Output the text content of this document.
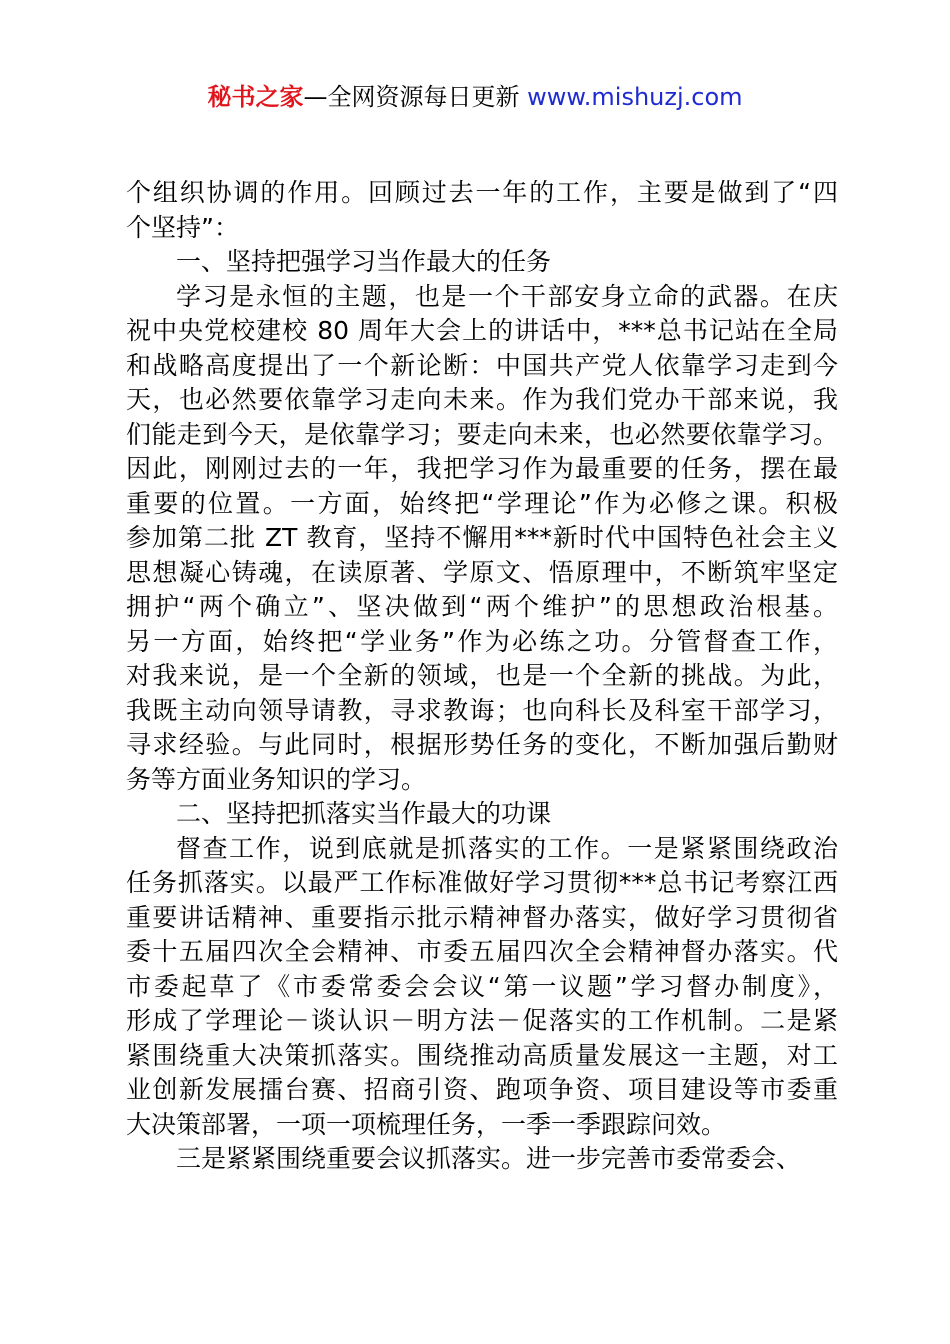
秘书之家—全网资源每日更新 www.mishuzj.com
个组织协调的作用。回顾过去一年的工作，主要是做到了“四
个坚持”：
一、坚持把强学习当作最大的任务
学习是永恒的主题，也是一个干部安身立命的武器。在庆
祝中央党校建校 80 周年大会上的讲话中，***总书记站在全局
和战略高度提出了一个新论断：中国共产党人依靠学习走到今
天，也必然要依靠学习走向未来。作为我们党办干部来说，我
们能走到今天，是依靠学习；要走向未来，也必然要依靠学习。
因此，刚刚过去的一年，我把学习作为最重要的任务，摆在最
重要的位置。一方面，始终把“学理论”作为必修之课。积极
参加第二批 ZT 教育，坚持不懈用***新时代中国特色社会主义
思想凝心铸魂，在读原著、学原文、悟原理中，不断筑牢坚定
拥护“两个确立”、坚决做到“两个维护”的思想政治根基。
另一方面，始终把“学业务”作为必练之功。分管督查工作，
对我来说，是一个全新的领域，也是一个全新的挑战。为此，
我既主动向领导请教，寻求教诲；也向科长及科室干部学习，
寻求经验。与此同时，根据形势任务的变化，不断加强后勤财
务等方面业务知识的学习。
二、坚持把抓落实当作最大的功课
督查工作，说到底就是抓落实的工作。一是紧紧围绕政治
任务抓落实。以最严工作标准做好学习贯彻***总书记考察江西
重要讲话精神、重要指示批示精神督办落实，做好学习贯彻省
委十五届四次全会精神、市委五届四次全会精神督办落实。代
市委起草了《市委常委会会议“第一议题”学习督办制度》，
形成了学理论－谈认识－明方法－促落实的工作机制。二是紧
紧围绕重大决策抓落实。围绕推动高质量发展这一主题，对工
业创新发展擂台赛、招商引资、跑项争资、项目建设等市委重
大决策部署，一项一项梳理任务，一季一季跟踪问效。
三是紧紧围绕重要会议抓落实。进一步完善市委常委会、
